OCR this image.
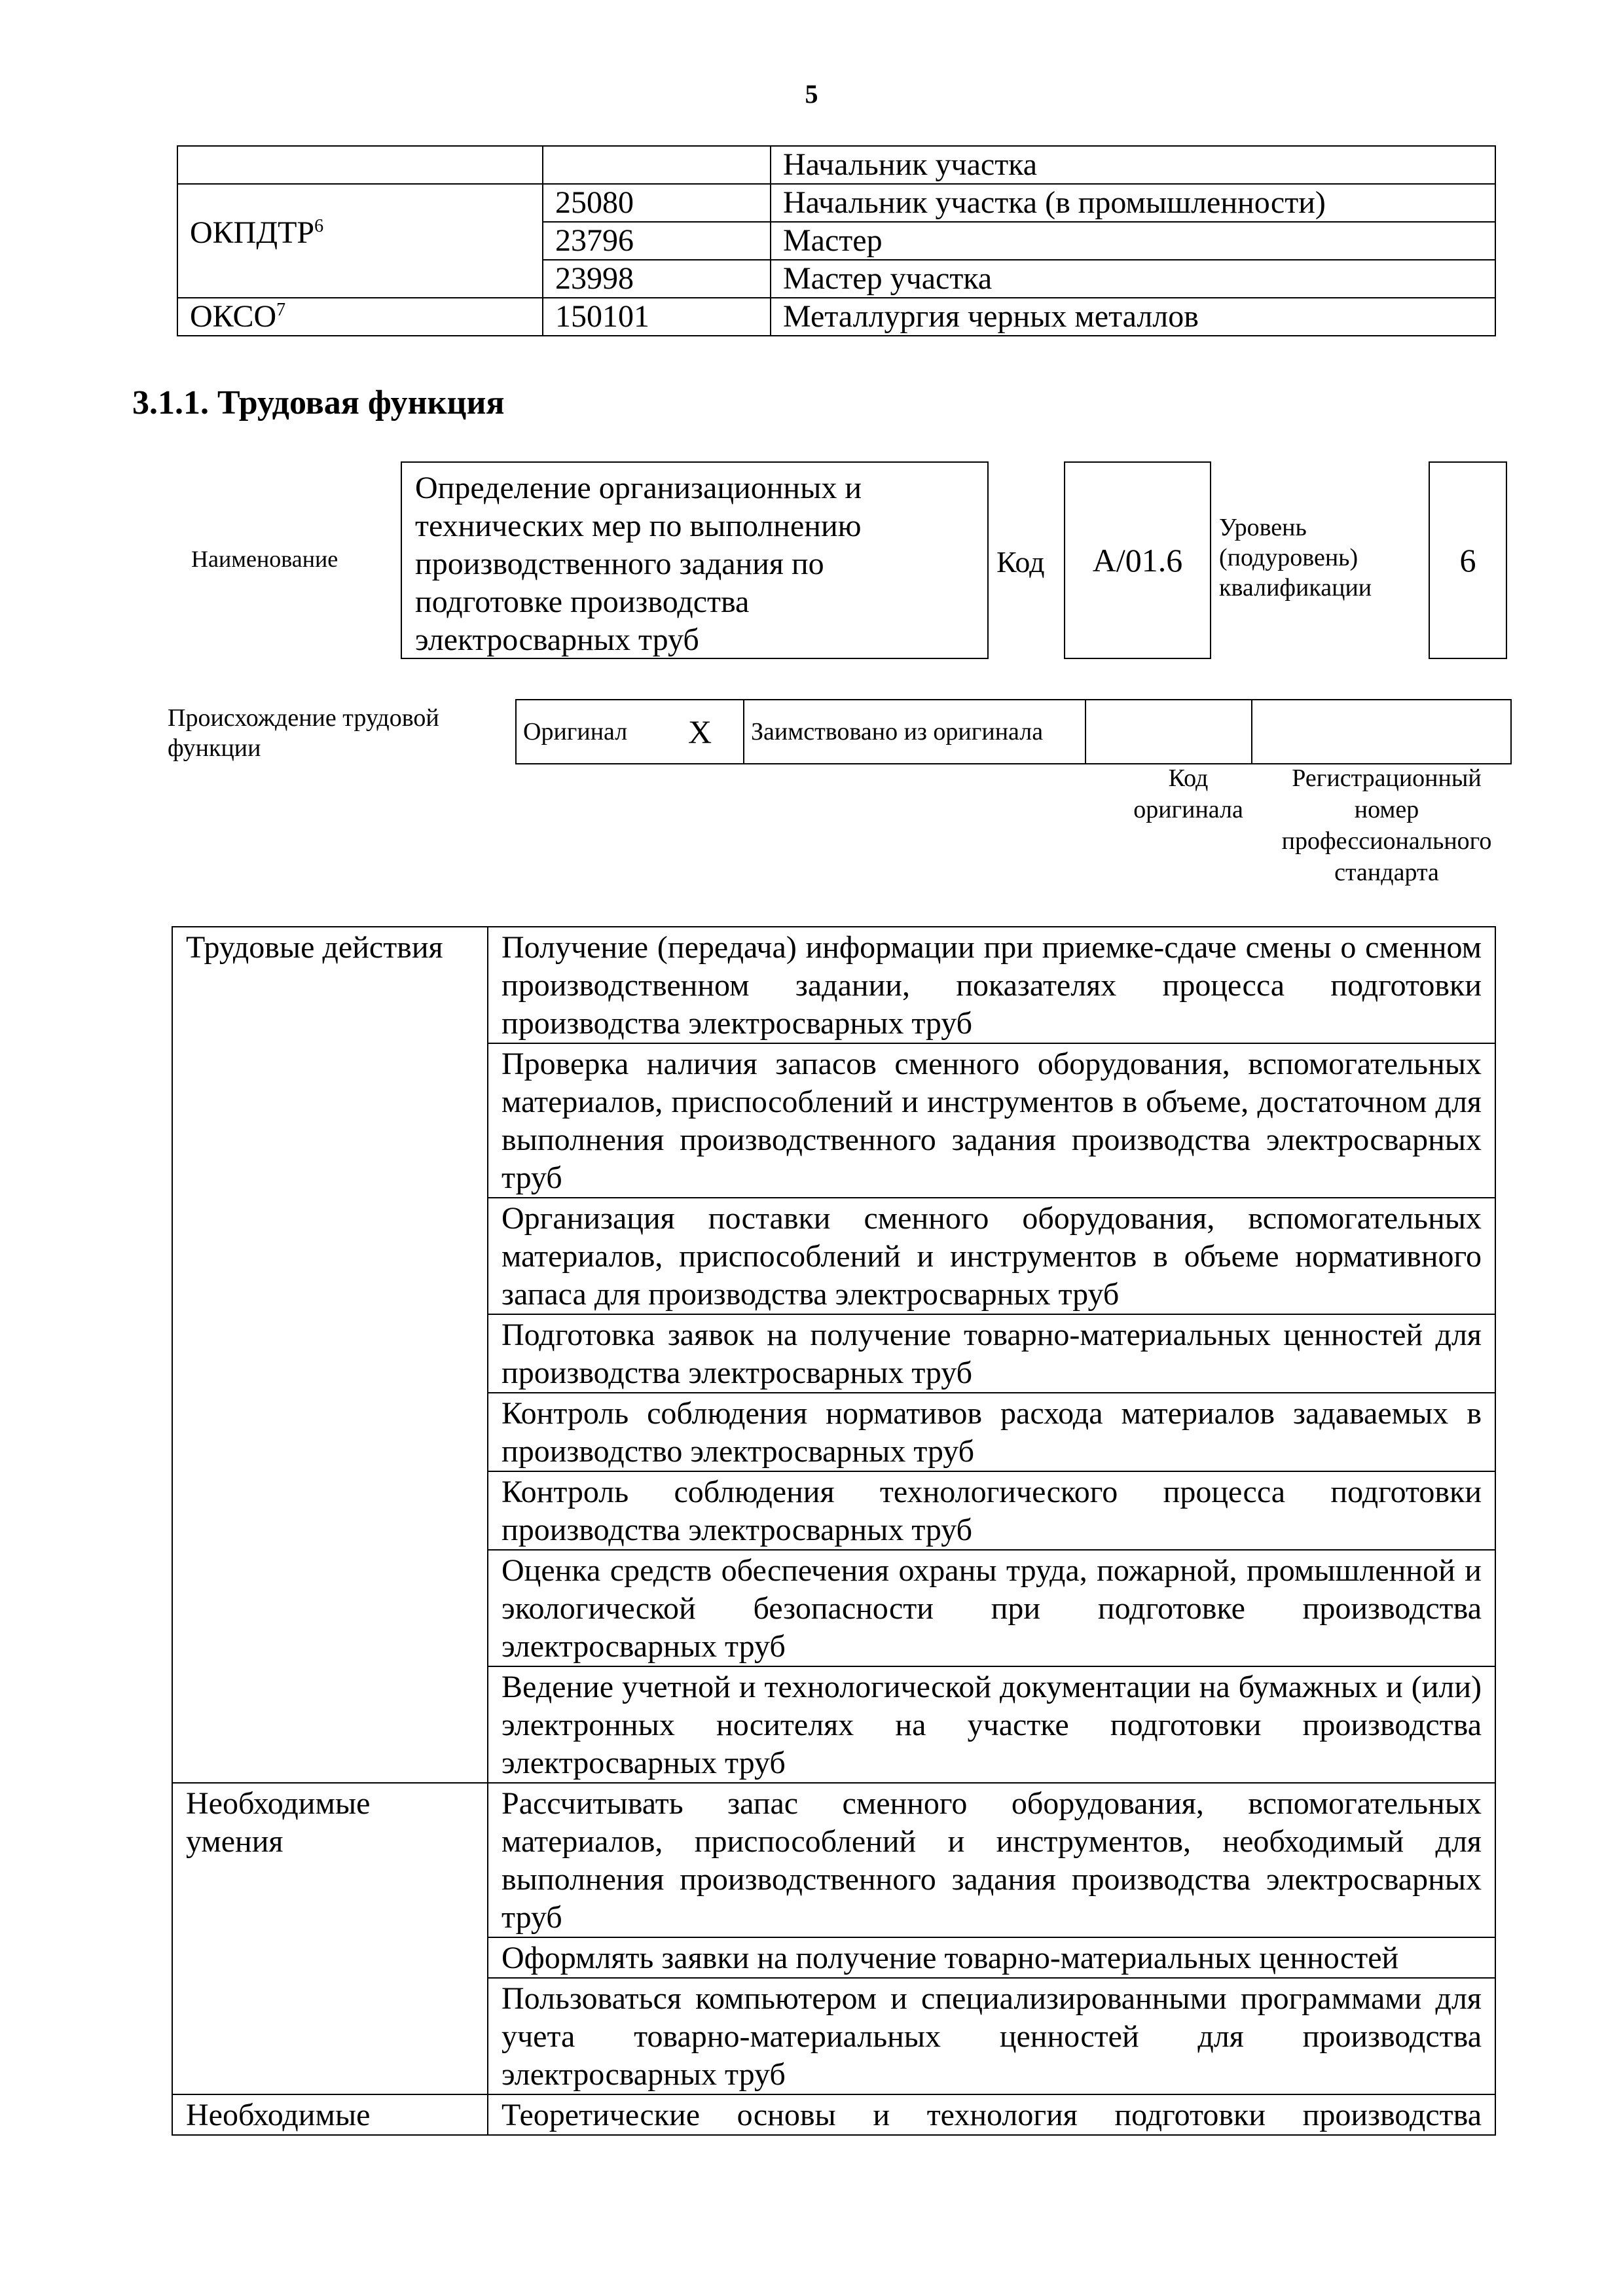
5
		Начальник участка
ОКПДТР$^6$	25080	Начальник участка (в промышленности)
	23796	Мастер
	23998	Мастер участка
ОКСО$^7$	150101	Металлургия черных металлов
3.1.1. Трудовая функция
Наименование
Определение организационных и
технических мер по выполнению
производственного задания по
подготовке производства
электросварных труб
Код	А/01.6
Уровень
(подуровень)
квалификации
6
Происхождение трудовой
функции
Оригинал	X	Заимствовано из оригинала		
Код
оригинала
Регистрационный
номер
профессионального
стандарта
Трудовые действия	Получение (передача) информации при приемке-сдаче смены о сменном производственном задании, показателях процесса подготовки производства электросварных труб
	Проверка наличия запасов сменного оборудования, вспомогательных материалов, приспособлений и инструментов в объеме, достаточном для выполнения производственного задания производства электросварных труб
	Организация поставки сменного оборудования, вспомогательных материалов, приспособлений и инструментов в объеме нормативного запаса для производства электросварных труб
	Подготовка заявок на получение товарно-материальных ценностей для производства электросварных труб
	Контроль соблюдения нормативов расхода материалов задаваемых в производство электросварных труб
	Контроль соблюдения технологического процесса подготовки производства электросварных труб
	Оценка средств обеспечения охраны труда, пожарной, промышленной и экологической безопасности при подготовке производства электросварных труб
	Ведение учетной и технологической документации на бумажных и (или) электронных носителях на участке подготовки производства электросварных труб
Необходимые умения	Рассчитывать запас сменного оборудования, вспомогательных материалов, приспособлений и инструментов, необходимый для выполнения производственного задания производства электросварных труб
	Оформлять заявки на получение товарно-материальных ценностей
	Пользоваться компьютером и специализированными программами для учета товарно-материальных ценностей для производства электросварных труб
Необходимые	Теоретические основы и технология подготовки производства
